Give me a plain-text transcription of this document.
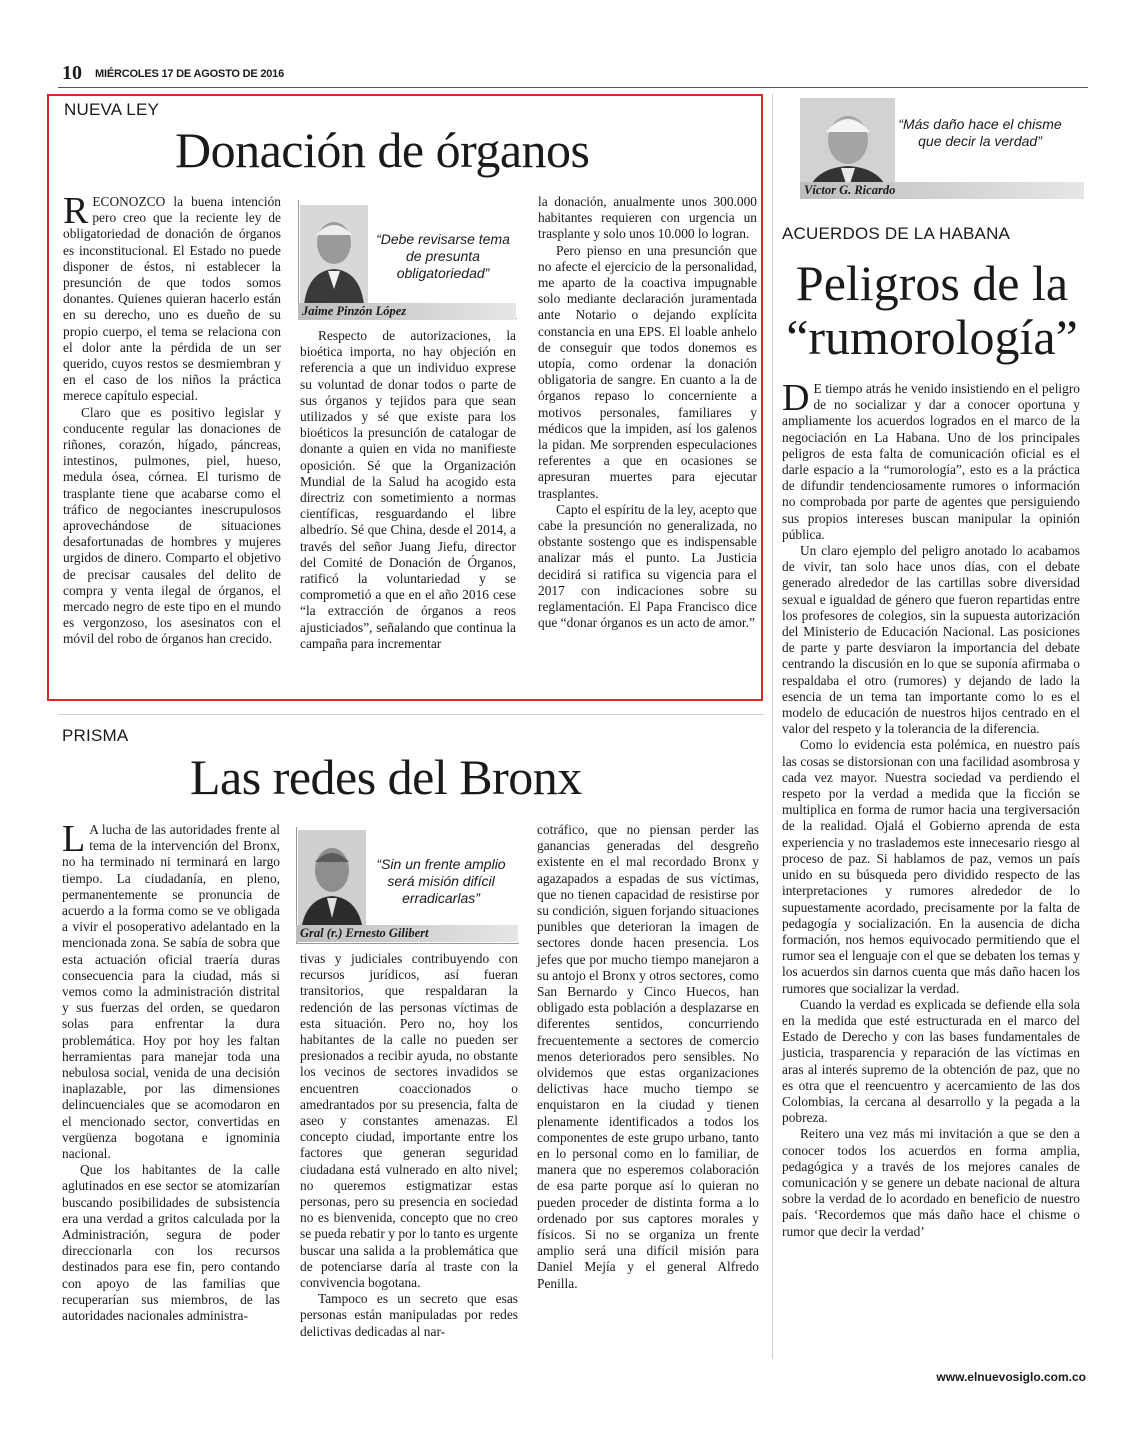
10 MIÉRCOLES 17 DE AGOSTO DE 2016
NUEVA LEY
Donación de órganos

RECONOZCO la buena intención pero creo que la reciente ley de obligatoriedad de donación de órganos es inconstitucional. El Estado no puede disponer de éstos, ni establecer la presunción de que todos somos donantes. Quienes quieran hacerlo están en su derecho, uno es dueño de su propio cuerpo, el tema se relaciona con el dolor ante la pérdida de un ser querido, cuyos restos se desmiembran y en el caso de los niños la práctica merece capítulo especial.

Claro que es positivo legislar y conducente regular las donaciones de riñones, corazón, hígado, páncreas, intestinos, pulmones, piel, hueso, medula ósea, córnea. El turismo de trasplante tiene que acabarse como el tráfico de negociantes inescrupulosos aprovechándose de situaciones desafortunadas de hombres y mujeres urgidos de dinero. Comparto el objetivo de precisar causales del delito de compra y venta ilegal de órganos, el mercado negro de este tipo en el mundo es vergonzoso, los asesinatos con el móvil del robo de órganos han crecido.

“Debe revisarse tema de presunta obligatoriedad”
Jaime Pinzón López

Respecto de autorizaciones, la bioética importa, no hay objeción en referencia a que un individuo exprese su voluntad de donar todos o parte de sus órganos y tejidos para que sean utilizados y sé que existe para los bioéticos la presunción de catalogar de donante a quien en vida no manifieste oposición. Sé que la Organización Mundial de la Salud ha acogido esta directriz con sometimiento a normas científicas, resguardando el libre albedrío. Sé que China, desde el 2014, a través del señor Juang Jiefu, director del Comité de Donación de Órganos, ratificó la voluntariedad y se comprometió a que en el año 2016 cese “la extracción de órganos a reos ajusticiados”, señalando que continua la campaña para incrementar

la donación, anualmente unos 300.000 habitantes requieren con urgencia un trasplante y solo unos 10.000 lo logran.

Pero pienso en una presunción que no afecte el ejercicio de la personalidad, me aparto de la coactiva impugnable solo mediante declaración juramentada ante Notario o dejando explícita constancia en una EPS. El loable anhelo de conseguir que todos donemos es utopía, como ordenar la donación obligatoria de sangre. En cuanto a la de órganos repaso lo concerniente a motivos personales, familiares y médicos que la impiden, así los galenos la pidan. Me sorprenden especulaciones referentes a que en ocasiones se apresuran muertes para ejecutar trasplantes.

Capto el espíritu de la ley, acepto que cabe la presunción no generalizada, no obstante sostengo que es indispensable analizar más el punto. La Justicia decidirá si ratifica su vigencia para el 2017 con indicaciones sobre su reglamentación. El Papa Francisco dice que “donar órganos es un acto de amor.”

“Más daño hace el chisme que decir la verdad”
Víctor G. Ricardo
ACUERDOS DE LA HABANA
Peligros de la
“rumorología”

D E tiempo atrás he venido insistiendo en el peligro de no socializar y dar a conocer oportuna y ampliamente los acuerdos logrados en el marco de la negociación en La Habana. Uno de los principales peligros de esta falta de comunicación oficial es el darle espacio a la “rumorología”, esto es a la práctica de difundir tendenciosamente rumores o información no comprobada por parte de agentes que persiguiendo sus propios intereses buscan manipular la opinión pública.

Un claro ejemplo del peligro anotado lo acabamos de vivir, tan solo hace unos días, con el debate generado alrededor de las cartillas sobre diversidad sexual e igualdad de género que fueron repartidas entre los profesores de colegios, sin la supuesta autorización del Ministerio de Educación Nacional. Las posiciones de parte y parte desviaron la importancia del debate centrando la discusión en lo que se suponía afirmaba o respaldaba el otro (rumores) y dejando de lado la esencia de un tema tan importante como lo es el modelo de educación de nuestros hijos centrado en el valor del respeto y la tolerancia de la diferencia.

Como lo evidencia esta polémica, en nuestro país las cosas se distorsionan con una facilidad asombrosa y cada vez mayor. Nuestra sociedad va perdiendo el respeto por la verdad a medida que la ficción se multiplica en forma de rumor hacia una tergiversación de la realidad. Ojalá el Gobierno aprenda de esta experiencia y no traslademos este innecesario riesgo al proceso de paz. Si hablamos de paz, vemos un país unido en su búsqueda pero dividido respecto de las interpretaciones y rumores alrededor de lo supuestamente acordado, precisamente por la falta de pedagogía y socialización. En la ausencia de dicha formación, nos hemos equivocado permitiendo que el rumor sea el lenguaje con el que se debaten los temas y los acuerdos sin darnos cuenta que más daño hacen los rumores que socializar la verdad.

Cuando la verdad es explicada se defiende ella sola en la medida que esté estructurada en el marco del Estado de Derecho y con las bases fundamentales de justicia, trasparencia y reparación de las víctimas en aras al interés supremo de la obtención de paz, que no es otra que el reencuentro y acercamiento de las dos Colombias, la cercana al desarrollo y la pegada a la pobreza.

Reitero una vez más mi invitación a que se den a conocer todos los acuerdos en forma amplia, pedagógica y a través de los mejores canales de comunicación y se genere un debate nacional de altura sobre la verdad de lo acordado en beneficio de nuestro país. ‘Recordemos que más daño hace el chisme o rumor que decir la verdad’

PRISMA
Las redes del Bronx

L A lucha de las autoridades frente al tema de la intervención del Bronx, no ha terminado ni terminará en largo tiempo. La ciudadanía, en pleno, permanentemente se pronuncia de acuerdo a la forma como se ve obligada a vivir el posoperativo adelantado en la mencionada zona. Se sabía de sobra que esta actuación oficial traería duras consecuencia para la ciudad, más si vemos como la administración distrital y sus fuerzas del orden, se quedaron solas para enfrentar la dura problemática. Hoy por hoy les faltan herramientas para manejar toda una nebulosa social, venida de una decisión inaplazable, por las dimensiones delincuenciales que se acomodaron en el mencionado sector, convertidas en vergüenza bogotana e ignominia nacional.

Que los habitantes de la calle aglutinados en ese sector se atomizarían buscando posibilidades de subsistencia era una verdad a gritos calculada por la Administración, segura de poder direccionarla con los recursos destinados para ese fin, pero contando con apoyo de las familias que recuperarían sus miembros, de las autoridades nacionales administra-

“Sin un frente amplio será misión difícil erradicarlas”
Gral (r.) Ernesto Gilibert

tivas y judiciales contribuyendo con recursos jurídicos, así fueran transitorios, que respaldaran la redención de las personas víctimas de esta situación. Pero no, hoy los habitantes de la calle no pueden ser presionados a recibir ayuda, no obstante los vecinos de sectores invadidos se encuentren coaccionados o amedrantados por su presencia, falta de aseo y constantes amenazas. El concepto ciudad, importante entre los factores que generan seguridad ciudadana está vulnerado en alto nivel; no queremos estigmatizar estas personas, pero su presencia en sociedad no es bienvenida, concepto que no creo se pueda rebatir y por lo tanto es urgente buscar una salida a la problemática que de potenciarse daría al traste con la convivencia bogotana.

Tampoco es un secreto que esas personas están manipuladas por redes delictivas dedicadas al nar-

cotráfico, que no piensan perder las ganancias generadas del desgreño existente en el mal recordado Bronx y agazapados a espadas de sus víctimas, que no tienen capacidad de resistirse por su condición, siguen forjando situaciones punibles que deterioran la imagen de sectores donde hacen presencia. Los jefes que por mucho tiempo manejaron a su antojo el Bronx y otros sectores, como San Bernardo y Cinco Huecos, han obligado esta población a desplazarse en diferentes sentidos, concurriendo frecuentemente a sectores de comercio menos deteriorados pero sensibles. No olvidemos que estas organizaciones delictivas hace mucho tiempo se enquistaron en la ciudad y tienen plenamente identificados a todos los componentes de este grupo urbano, tanto en lo personal como en lo familiar, de manera que no esperemos colaboración de esa parte porque así lo quieran no pueden proceder de distinta forma a lo ordenado por sus captores morales y físicos. Si no se organiza un frente amplio será una difícil misión para Daniel Mejía y el general Alfredo Penilla.

www.elnuevosiglo.com.co
